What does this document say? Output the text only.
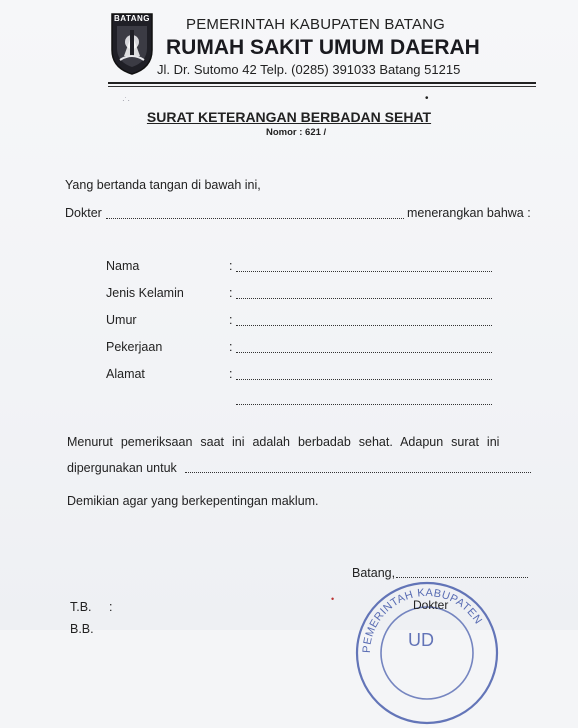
BATANG PEMERINTAH KABUPATEN BATANG
RUMAH SAKIT UMUM DAERAH
Jl. Dr. Sutomo 42 Telp. (0285) 391033 Batang 51215
SURAT KETERANGAN BERBADAN SEHAT
Nomor : 621 /
Yang bertanda tangan di bawah ini,
Dokter	menerangkan bahwa :
Nama	:
Jenis Kelamin	:
Umur	:
Pekerjaan	:
Alamat	:
Menurut pemeriksaan saat ini adalah berbadab sehat. Adapun surat ini
dipergunakan untuk
Demikian agar yang berkepentingan maklum.
Batang,
PEMERINTAH KABUPATEN
UD
Dokter
T.B. :
B.B.
·˙·	•
•
